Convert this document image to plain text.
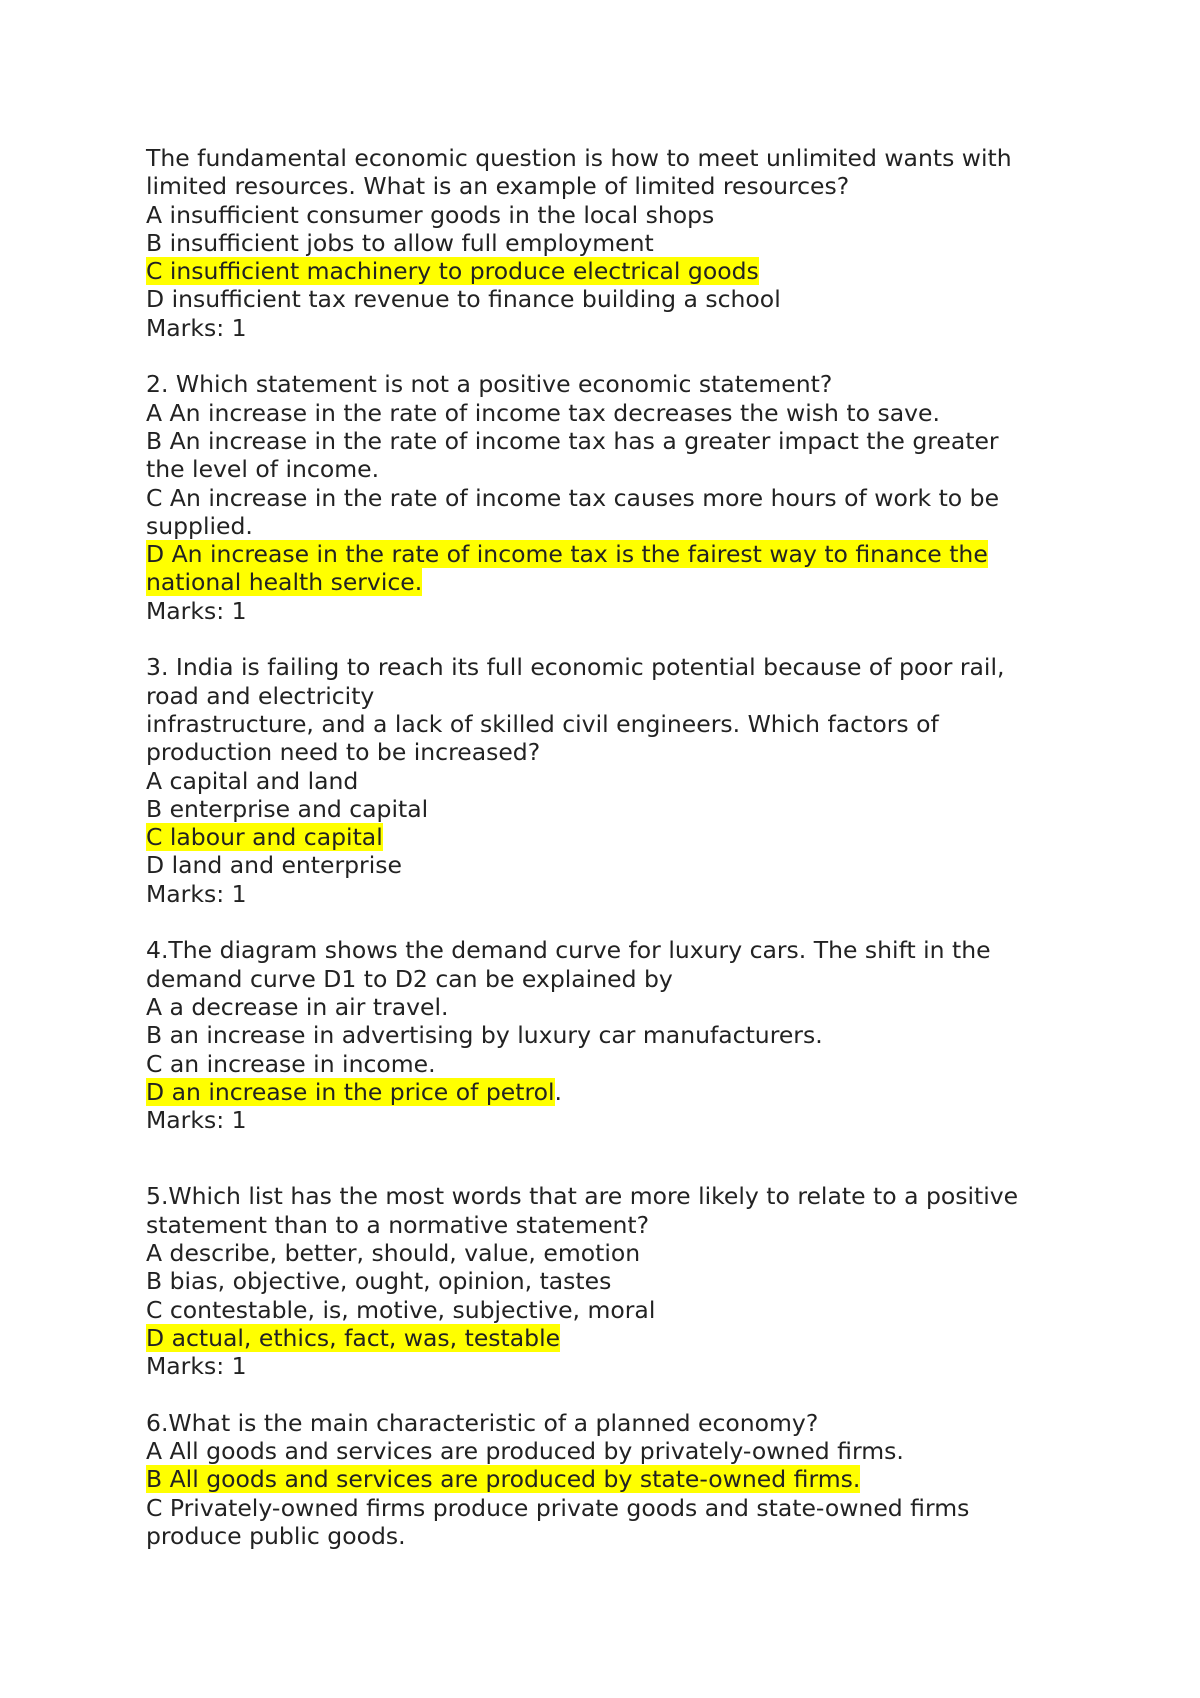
The fundamental economic question is how to meet unlimited wants with
limited resources. What is an example of limited resources?
A insufficient consumer goods in the local shops
B insufficient jobs to allow full employment
C insufficient machinery to produce electrical goods
D insufficient tax revenue to finance building a school
Marks: 1
2. Which statement is not a positive economic statement?
A An increase in the rate of income tax decreases the wish to save.
B An increase in the rate of income tax has a greater impact the greater
the level of income.
C An increase in the rate of income tax causes more hours of work to be
supplied.
D An increase in the rate of income tax is the fairest way to finance the
national health service.
Marks: 1
3. India is failing to reach its full economic potential because of poor rail,
road and electricity
infrastructure, and a lack of skilled civil engineers. Which factors of
production need to be increased?
A capital and land
B enterprise and capital
C labour and capital
D land and enterprise
Marks: 1
4.The diagram shows the demand curve for luxury cars. The shift in the
demand curve D1 to D2 can be explained by
A a decrease in air travel.
B an increase in advertising by luxury car manufacturers.
C an increase in income.
D an increase in the price of petrol.
Marks: 1
5.Which list has the most words that are more likely to relate to a positive
statement than to a normative statement?
A describe, better, should, value, emotion
B bias, objective, ought, opinion, tastes
C contestable, is, motive, subjective, moral
D actual, ethics, fact, was, testable
Marks: 1
6.What is the main characteristic of a planned economy?
A All goods and services are produced by privately-owned firms.
B All goods and services are produced by state-owned firms.
C Privately-owned firms produce private goods and state-owned firms
produce public goods.
